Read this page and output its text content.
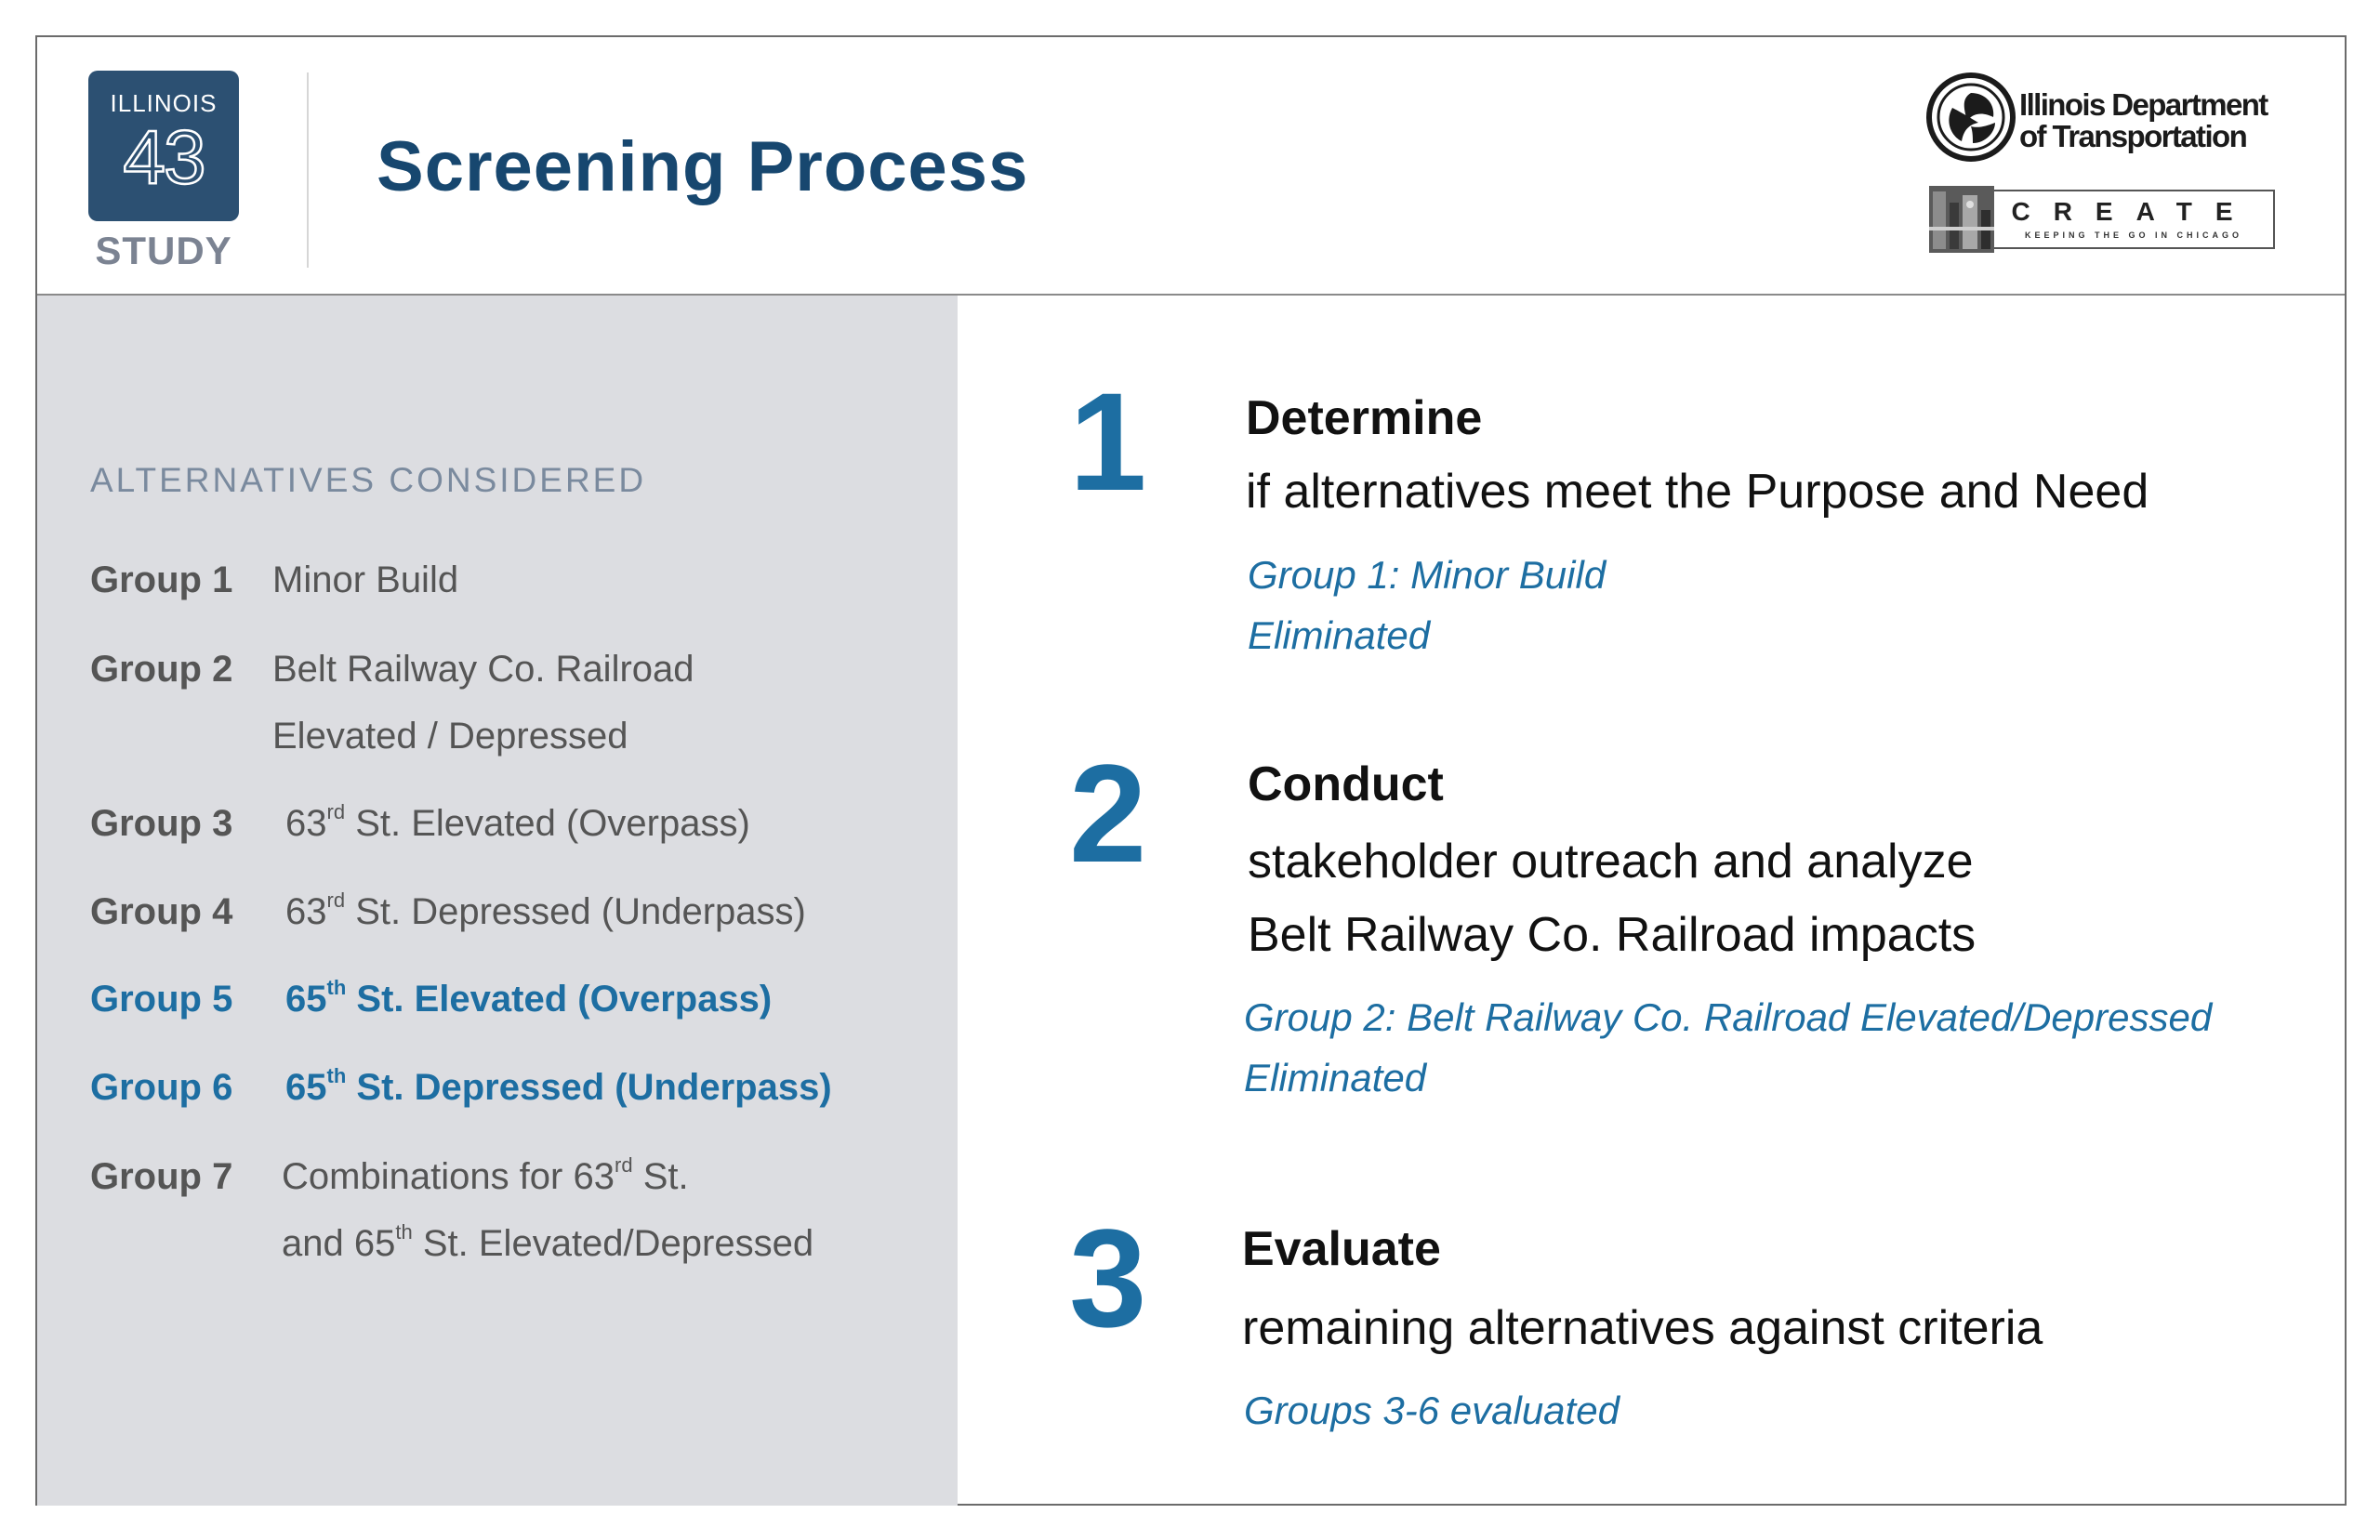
ILLINOIS
43
STUDY
Screening Process
Illinois Department
of Transportation
CREATE
KEEPING THE GO IN CHICAGO
ALTERNATIVES CONSIDERED
Group 1 Minor Build
Group 2 Belt Railway Co. Railroad
Elevated / Depressed
Group 3 63rd St. Elevated (Overpass)
Group 4 63rd St. Depressed (Underpass)
Group 5 65th St. Elevated (Overpass)
Group 6 65th St. Depressed (Underpass)
Group 7 Combinations for 63rd St.
and 65th St. Elevated/Depressed
1 Determine
if alternatives meet the Purpose and Need
Group 1: Minor Build
Eliminated
2 Conduct
stakeholder outreach and analyze
Belt Railway Co. Railroad impacts
Group 2: Belt Railway Co. Railroad Elevated/Depressed
Eliminated
3 Evaluate
remaining alternatives against criteria
Groups 3-6 evaluated
